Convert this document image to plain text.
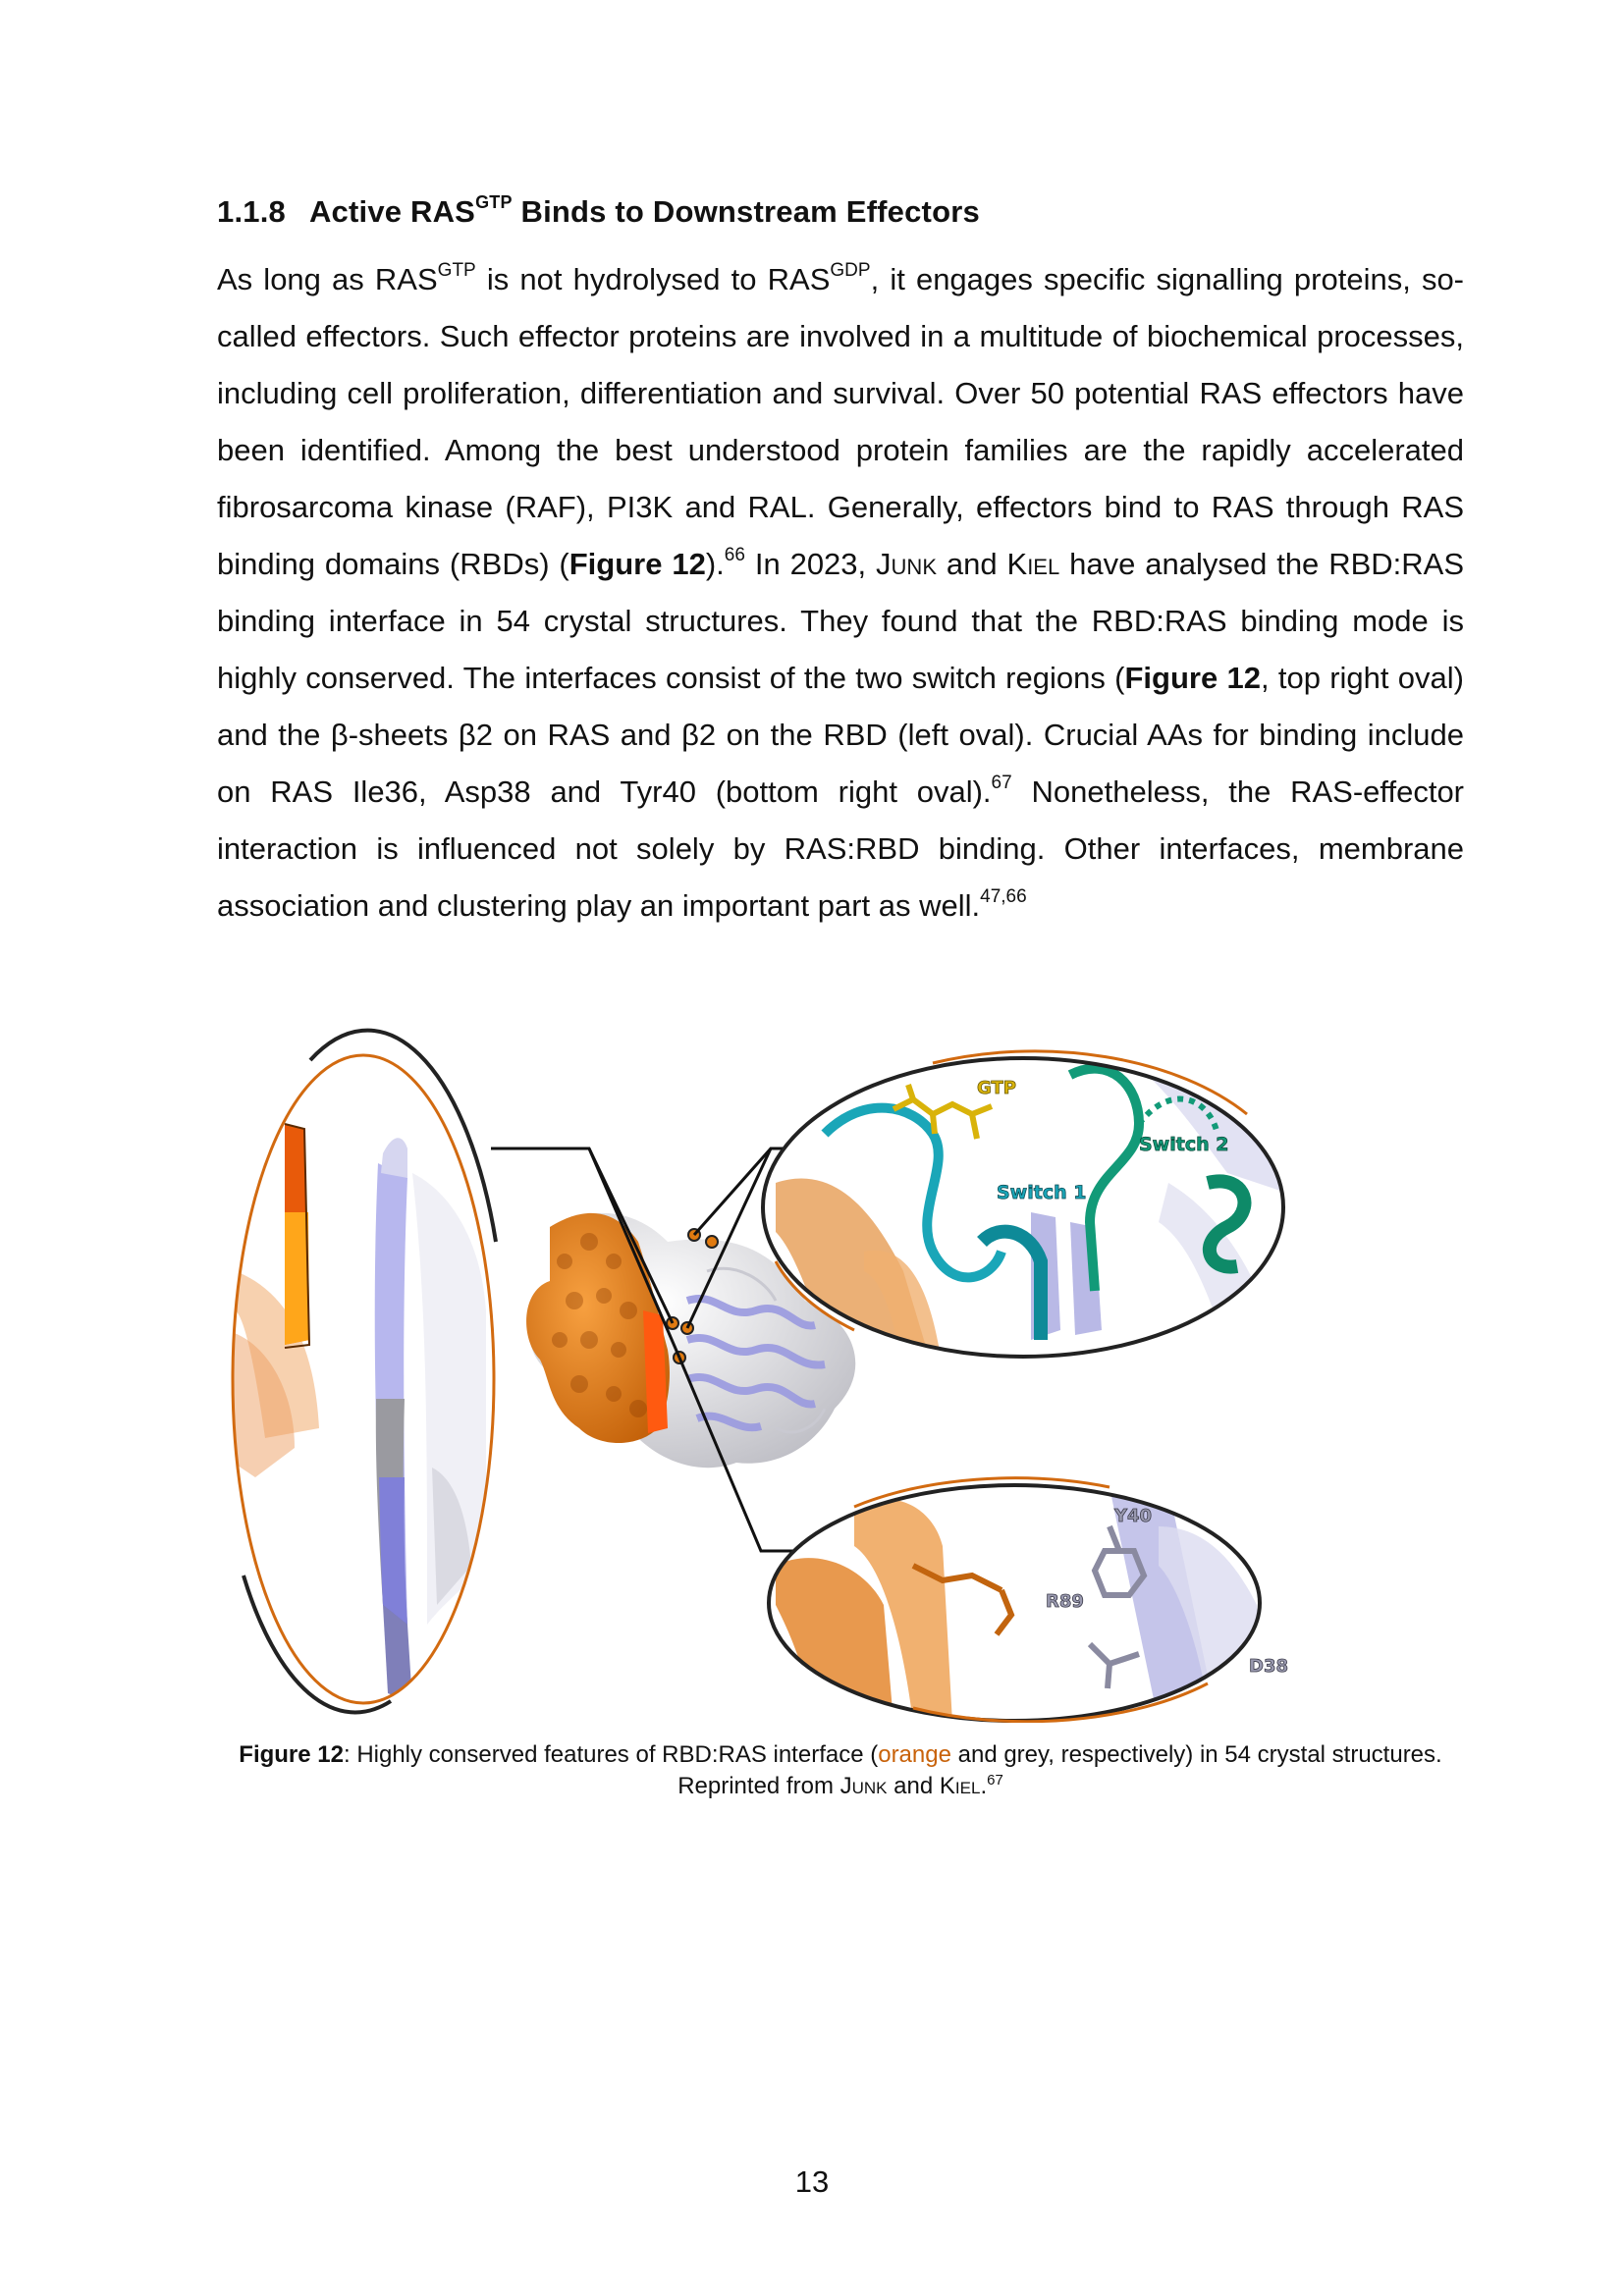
1.1.8 Active $RAS^{GTP}$ Binds to Downstream Effectors

As long as $RAS^{GTP}$ is not hydrolysed to $RAS^{GDP}$, it engages specific signalling proteins, so-called effectors. Such effector proteins are involved in a multitude of biochemical processes, including cell proliferation, differentiation and survival. Over 50 potential RAS effectors have been identified. Among the best understood protein families are the rapidly accelerated fibrosarcoma kinase (RAF), PI3K and RAL. Generally, effectors bind to RAS through RAS binding domains (RBDs) (Figure 12).$^{66}$ In 2023, Junk and Kiel have analysed the RBD:RAS binding interface in 54 crystal structures. They found that the RBD:RAS binding mode is highly conserved. The interfaces consist of the two switch regions (Figure 12, top right oval) and the β-sheets β2 on RAS and β2 on the RBD (left oval). Crucial AAs for binding include on RAS Ile36, Asp38 and Tyr40 (bottom right oval).$^{67}$ Nonetheless, the RAS-effector interaction is influenced not solely by RAS:RBD binding. Other interfaces, membrane association and clustering play an important part as well.$^{47,66}$

GTP
Switch 2
Switch 1
Y40
R89
D38
Figure 12: Highly conserved features of RBD:RAS interface (orange and grey, respectively) in 54 crystal structures. Reprinted from Junk and Kiel.$^{67}$
13
